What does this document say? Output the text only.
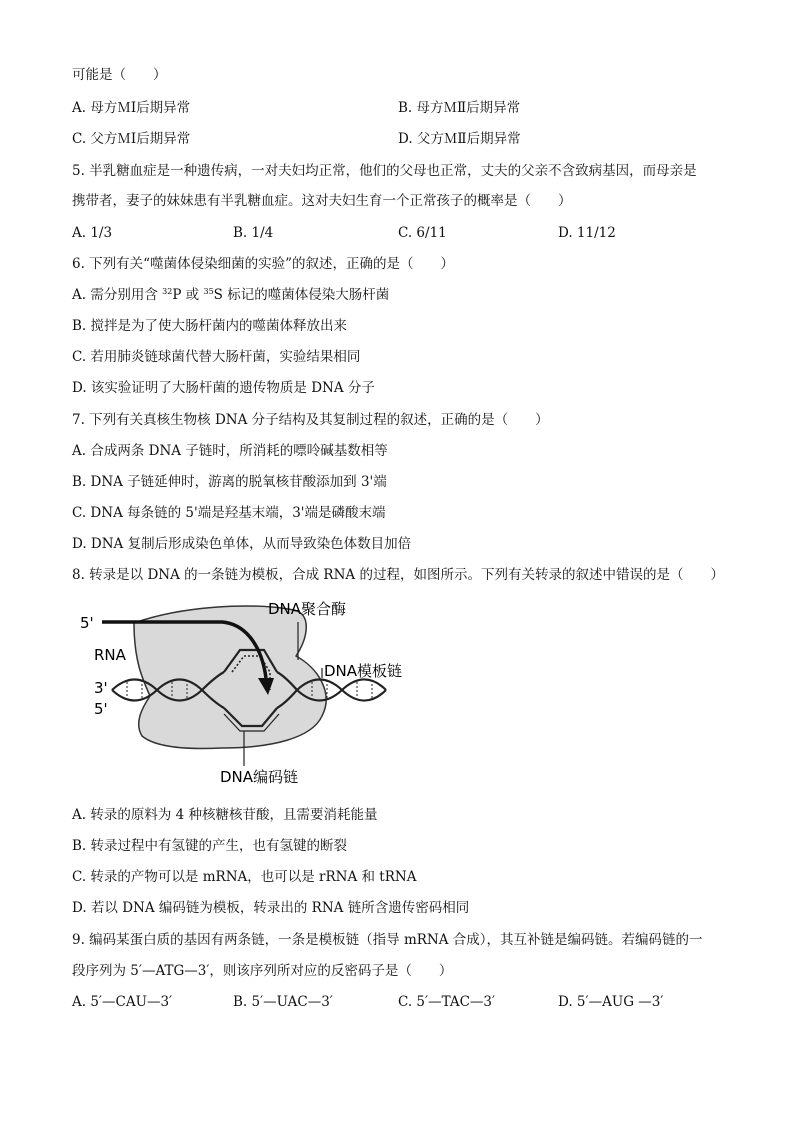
可能是（　　）
A. 母方ＭⅠ后期异常	B. 母方ＭⅡ后期异常
C. 父方ＭⅠ后期异常	D. 父方ＭⅡ后期异常
5. 半乳糖血症是一种遗传病，一对夫妇均正常，他们的父母也正常，丈夫的父亲不含致病基因，而母亲是
携带者，妻子的妹妹患有半乳糖血症。这对夫妇生育一个正常孩子的概率是（　　）
A. 1/3	B. 1/4	C. 6/11	D. 11/12
6. 下列有关“噬菌体侵染细菌的实验”的叙述，正确的是（　　）
A. 需分别用含 $^{32}$P 或 $^{35}$S 标记的噬菌体侵染大肠杆菌
B. 搅拌是为了使大肠杆菌内的噬菌体释放出来
C. 若用肺炎链球菌代替大肠杆菌，实验结果相同
D. 该实验证明了大肠杆菌的遗传物质是 DNA 分子
7. 下列有关真核生物核 DNA 分子结构及其复制过程的叙述，正确的是（　　）
A. 合成两条 DNA 子链时，所消耗的嘌呤碱基数相等
B. DNA 子链延伸时，游离的脱氧核苷酸添加到 3'端
C. DNA 每条链的 5'端是羟基末端，3'端是磷酸末端
D. DNA 复制后形成染色单体，从而导致染色体数目加倍
8. 转录是以 DNA 的一条链为模板，合成 RNA 的过程，如图所示。下列有关转录的叙述中错误的是（　　）
5'
RNA
DNA聚合酶
DNA模板链
3'
5'
DNA编码链
A. 转录的原料为 4 种核糖核苷酸，且需要消耗能量
B. 转录过程中有氢键的产生，也有氢键的断裂
C. 转录的产物可以是 mRNA，也可以是 rRNA 和 tRNA
D. 若以 DNA 编码链为模板，转录出的 RNA 链所含遗传密码相同
9. 编码某蛋白质的基因有两条链，一条是模板链（指导 mRNA 合成），其互补链是编码链。若编码链的一
段序列为 5′—ATG—3′，则该序列所对应的反密码子是（　　）
A. 5′—CAU—3′	B. 5′—UAC—3′	C. 5′—TAC—3′	D. 5′—AUG —3′
